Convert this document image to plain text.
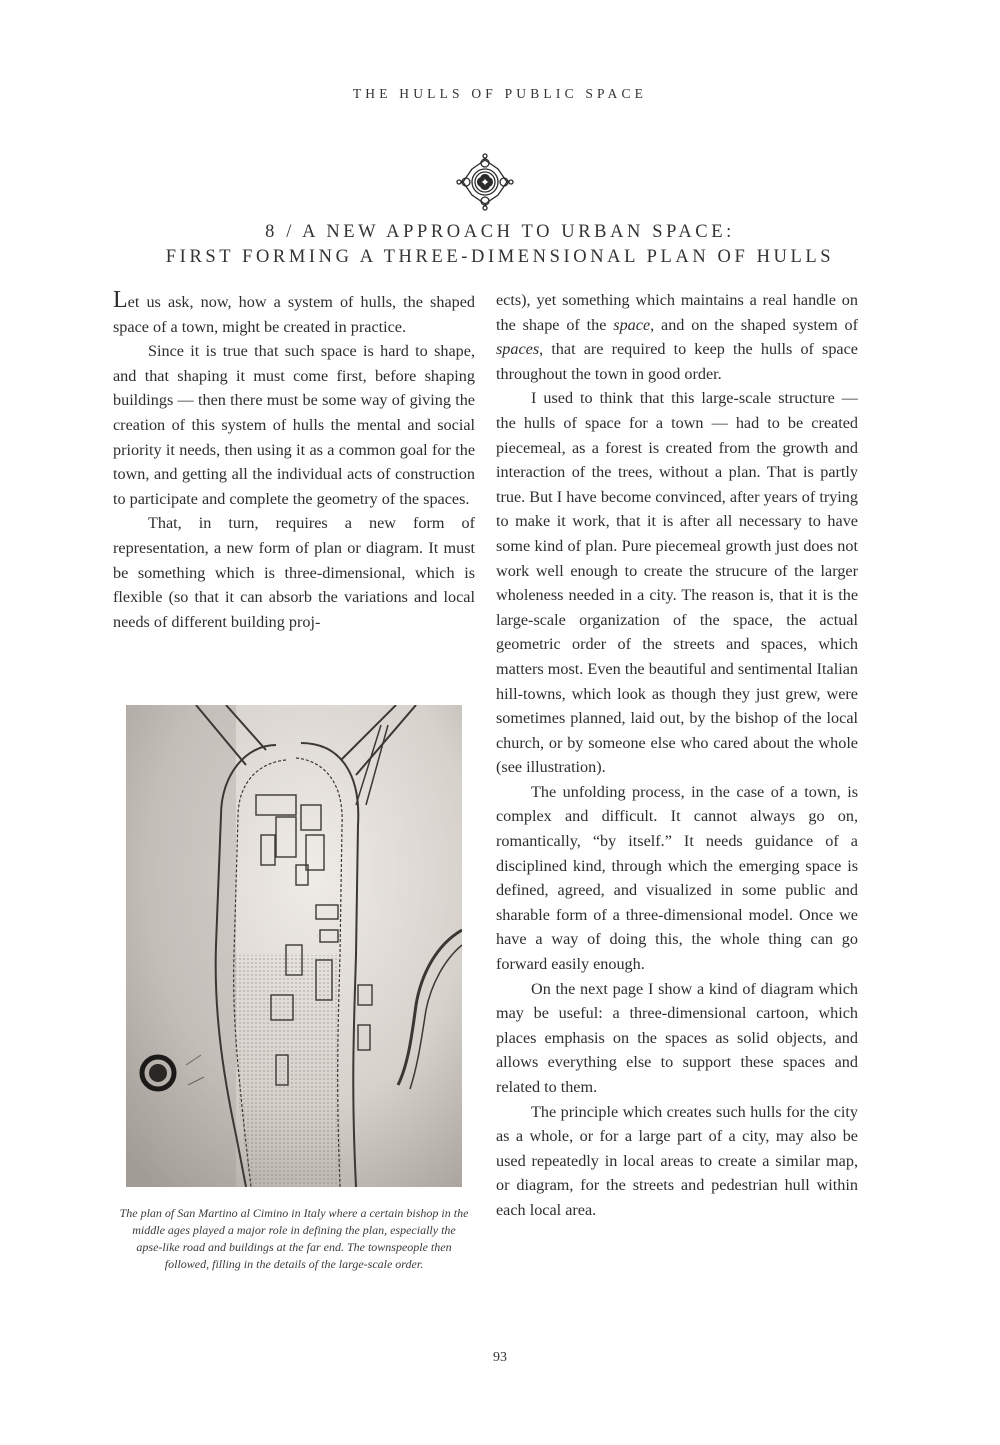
THE HULLS OF PUBLIC SPACE
8 / A NEW APPROACH TO URBAN SPACE:
FIRST FORMING A THREE-DIMENSIONAL PLAN OF HULLS

Let us ask, now, how a system of hulls, the shaped space of a town, might be created in practice.

Since it is true that such space is hard to shape, and that shaping it must come first, before shaping buildings — then there must be some way of giving the creation of this system of hulls the mental and social priority it needs, then using it as a common goal for the town, and getting all the individual acts of construction to participate and complete the geometry of the spaces.

That, in turn, requires a new form of representation, a new form of plan or diagram. It must be something which is three-dimensional, which is flexible (so that it can absorb the variations and local needs of different building proj-

The plan of San Martino al Cimino in Italy where a certain bishop in the middle ages played a major role in defining the plan, especially the apse-like road and buildings at the far end. The townspeople then followed, filling in the details of the large-scale order.

ects), yet something which maintains a real handle on the shape of the space, and on the shaped system of spaces, that are required to keep the hulls of space throughout the town in good order.

I used to think that this large-scale structure — the hulls of space for a town — had to be created piecemeal, as a forest is created from the growth and interaction of the trees, without a plan. That is partly true. But I have become convinced, after years of trying to make it work, that it is after all necessary to have some kind of plan. Pure piecemeal growth just does not work well enough to create the strucure of the larger wholeness needed in a city. The reason is, that it is the large-scale organization of the space, the actual geometric order of the streets and spaces, which matters most. Even the beautiful and sentimental Italian hill-towns, which look as though they just grew, were sometimes planned, laid out, by the bishop of the local church, or by someone else who cared about the whole (see illustration).

The unfolding process, in the case of a town, is complex and difficult. It cannot always go on, romantically, “by itself.” It needs guidance of a disciplined kind, through which the emerging space is defined, agreed, and visualized in some public and sharable form of a three-dimensional model. Once we have a way of doing this, the whole thing can go forward easily enough.

On the next page I show a kind of diagram which may be useful: a three-dimensional cartoon, which places emphasis on the spaces as solid objects, and allows everything else to support these spaces and related to them.

The principle which creates such hulls for the city as a whole, or for a large part of a city, may also be used repeatedly in local areas to create a similar map, or diagram, for the streets and pedestrian hull within each local area.

93
